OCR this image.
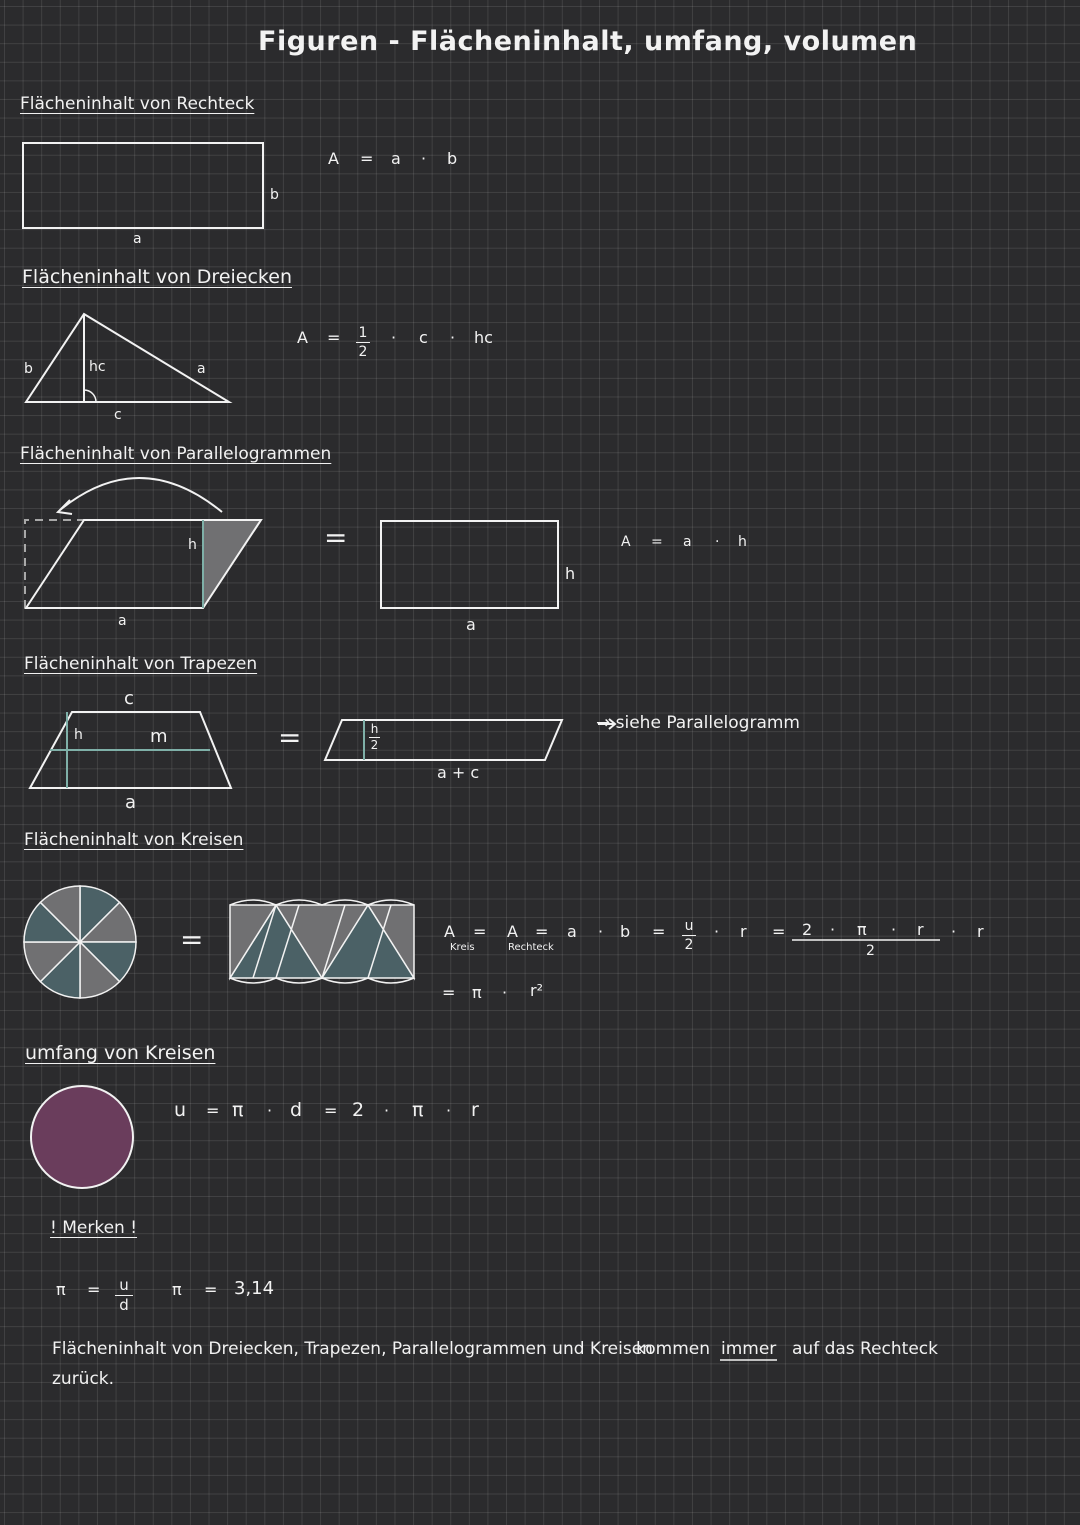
Figuren - Flächeninhalt, umfang, volumen
Flächeninhalt von Rechteck
b
a
A = a · b
Flächeninhalt von Dreiecken
b	hc	a
c
A = 1
2
· c · hc
Flächeninhalt von Parallelogrammen
h
a
=
h
a
A = a · h
Flächeninhalt von Trapezen
c
h	m
a
=	h
2
a + c
→ siehe Parallelogramm
Flächeninhalt von Kreisen
=	A
Kreis
= A
Rechteck
= a · b = u
2
· r = 2 · π · r
2
· r
= π · r²
umfang von Kreisen
u = π · d = 2 · π · r
! Merken !
π = u
d
π = 3,14
Flächeninhalt von Dreiecken, Trapezen, Parallelogrammen und Kreisen
kommen immer auf das Rechteck
zurück.
